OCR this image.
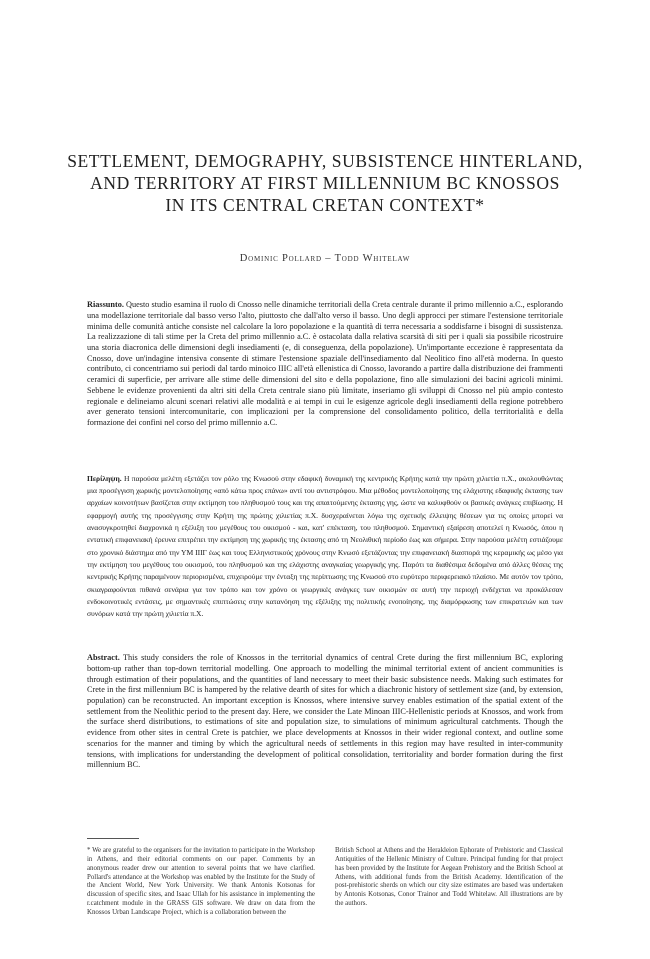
SETTLEMENT, DEMOGRAPHY, SUBSISTENCE HINTERLAND,
AND TERRITORY AT FIRST MILLENNIUM BC KNOSSOS
IN ITS CENTRAL CRETAN CONTEXT*
Dominic Pollard – Todd Whitelaw

Riassunto. Questo studio esamina il ruolo di Cnosso nelle dinamiche territoriali della Creta centrale durante il primo millennio a.C., esplorando una modellazione territoriale dal basso verso l'alto, piuttosto che dall'alto verso il basso. Uno degli approcci per stimare l'estensione territoriale minima delle comunità antiche consiste nel calcolare la loro popolazione e la quantità di terra necessaria a soddisfarne i bisogni di sussistenza. La realizzazione di tali stime per la Creta del primo millennio a.C. è ostacolata dalla relativa scarsità di siti per i quali sia possibile ricostruire una storia diacronica delle dimensioni degli insediamenti (e, di conseguenza, della popolazione). Un'importante eccezione è rappresentata da Cnosso, dove un'indagine intensiva consente di stimare l'estensione spaziale dell'insediamento dal Neolitico fino all'età moderna. In questo contributo, ci concentriamo sui periodi dal tardo minoico IIIC all'età ellenistica di Cnosso, lavorando a partire dalla distribuzione dei frammenti ceramici di superficie, per arrivare alle stime delle dimensioni del sito e della popolazione, fino alle simulazioni dei bacini agricoli minimi. Sebbene le evidenze provenienti da altri siti della Creta centrale siano più limitate, inseriamo gli sviluppi di Cnosso nel più ampio contesto regionale e delineiamo alcuni scenari relativi alle modalità e ai tempi in cui le esigenze agricole degli insediamenti della regione potrebbero aver generato tensioni intercomunitarie, con implicazioni per la comprensione del consolidamento politico, della territorialità e della formazione dei confini nel corso del primo millennio a.C.

Περίληψη. Η παρούσα μελέτη εξετάζει τον ρόλο της Κνωσού στην εδαφική δυναμική της κεντρικής Κρήτης κατά την πρώτη χιλιετία π.Χ., ακολουθώντας μια προσέγγιση χωρικής μοντελοποίησης «από κάτω προς επάνω» αντί του αντιστρόφου. Μια μέθοδος μοντελοποίησης της ελάχιστης εδαφικής έκτασης των αρχαίων κοινοτήτων βασίζεται στην εκτίμηση του πληθυσμού τους και της απαιτούμενης έκτασης γης, ώστε να καλυφθούν οι βασικές ανάγκες επιβίωσης. Η εφαρμογή αυτής της προσέγγισης στην Κρήτη της πρώτης χιλιετίας π.Χ. δυσχεραίνεται λόγω της σχετικής έλλειψης θέσεων για τις οποίες μπορεί να ανασυγκροτηθεί διαχρονικά η εξέλιξη του μεγέθους του οικισμού - και, κατ' επέκταση, του πληθυσμού. Σημαντική εξαίρεση αποτελεί η Κνωσός, όπου η εντατική επιφανειακή έρευνα επιτρέπει την εκτίμηση της χωρικής της έκτασης από τη Νεολιθική περίοδο έως και σήμερα. Στην παρούσα μελέτη εστιάζουμε στο χρονικό διάστημα από την ΥΜ ΙΙΙΓ έως και τους Ελληνιστικούς χρόνους στην Κνωσό εξετάζοντας την επιφανειακή διασπορά της κεραμικής ως μέσο για την εκτίμηση του μεγέθους του οικισμού, του πληθυσμού και της ελάχιστης αναγκαίας γεωργικής γης. Παρότι τα διαθέσιμα δεδομένα από άλλες θέσεις της κεντρικής Κρήτης παραμένουν περιορισμένα, επιχειρούμε την ένταξη της περίπτωσης της Κνωσού στο ευρύτερο περιφερειακό πλαίσιο. Με αυτόν τον τρόπο, σκιαγραφούνται πιθανά σενάρια για τον τρόπο και τον χρόνο οι γεωργικές ανάγκες των οικισμών σε αυτή την περιοχή ενδέχεται να προκάλεσαν ενδοκοινοτικές εντάσεις, με σημαντικές επιπτώσεις στην κατανόηση της εξέλιξης της πολιτικής ενοποίησης, της διαμόρφωσης των επικρατειών και των συνόρων κατά την πρώτη χιλιετία π.Χ.

Abstract. This study considers the role of Knossos in the territorial dynamics of central Crete during the first millennium BC, exploring bottom-up rather than top-down territorial modelling. One approach to modelling the minimal territorial extent of ancient communities is through estimation of their populations, and the quantities of land necessary to meet their basic subsistence needs. Making such estimates for Crete in the first millennium BC is hampered by the relative dearth of sites for which a diachronic history of settlement size (and, by extension, population) can be reconstructed. An important exception is Knossos, where intensive survey enables estimation of the spatial extent of the settlement from the Neolithic period to the present day. Here, we consider the Late Minoan IIIC-Hellenistic periods at Knossos, and work from the surface sherd distributions, to estimations of site and population size, to simulations of minimum agricultural catchments. Though the evidence from other sites in central Crete is patchier, we place developments at Knossos in their wider regional context, and outline some scenarios for the manner and timing by which the agricultural needs of settlements in this region may have resulted in inter-community tensions, with implications for understanding the development of political consolidation, territoriality and border formation during the first millennium BC.

* We are grateful to the organisers for the invitation to participate in the Workshop in Athens, and their editorial comments on our paper. Comments by an anonymous reader drew our attention to several points that we have clarified. Pollard's attendance at the Workshop was enabled by the Institute for the Study of the Ancient World, New York University. We thank Antonis Kotsonas for discussion of specific sites, and Isaac Ullah for his assistance in implementing the r.catchment module in the GRASS GIS software. We draw on data from the Knossos Urban Landscape Project, which is a collaboration between the
British School at Athens and the Herakleion Ephorate of Prehistoric and Classical Antiquities of the Hellenic Ministry of Culture. Principal funding for that project has been provided by the Institute for Aegean Prehistory and the British School at Athens, with additional funds from the British Academy. Identification of the post-prehistoric sherds on which our city size estimates are based was undertaken by Antonis Kotsonas, Conor Trainor and Todd Whitelaw. All illustrations are by the authors.
